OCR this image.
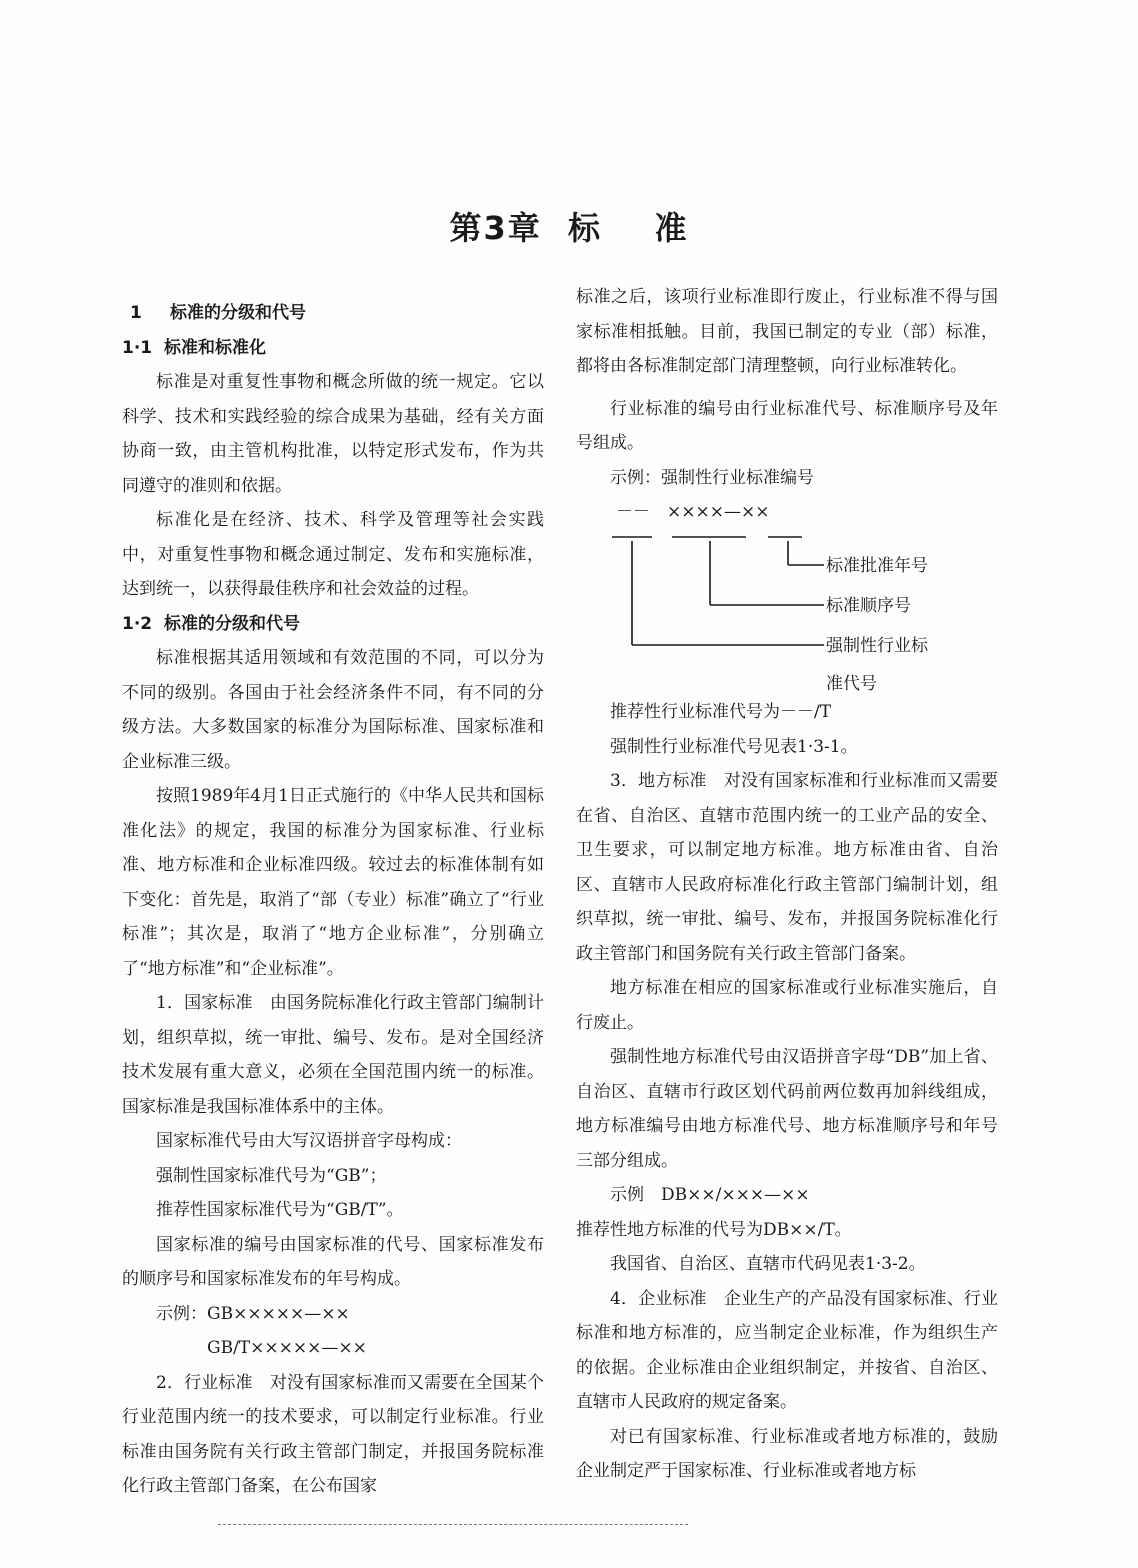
第3章  标    准
1 标准的分级和代号
1·1 标准和标准化

标准是对重复性事物和概念所做的统一规定。它以科学、技术和实践经验的综合成果为基础，经有关方面协商一致，由主管机构批准，以特定形式发布，作为共同遵守的准则和依据。

标准化是在经济、技术、科学及管理等社会实践中，对重复性事物和概念通过制定、发布和实施标准，达到统一，以获得最佳秩序和社会效益的过程。

1·2 标准的分级和代号

标准根据其适用领域和有效范围的不同，可以分为不同的级别。各国由于社会经济条件不同，有不同的分级方法。大多数国家的标准分为国际标准、国家标准和企业标准三级。

按照1989年4月1日正式施行的《中华人民共和国标准化法》的规定，我国的标准分为国家标准、行业标准、地方标准和企业标准四级。较过去的标准体制有如下变化：首先是，取消了“部（专业）标准”确立了“行业标准”；其次是，取消了“地方企业标准”，分别确立了“地方标准”和“企业标准”。

1．国家标准　由国务院标准化行政主管部门编制计划，组织草拟，统一审批、编号、发布。是对全国经济技术发展有重大意义，必须在全国范围内统一的标准。国家标准是我国标准体系中的主体。

国家标准代号由大写汉语拼音字母构成：

强制性国家标准代号为“GB”；

推荐性国家标准代号为“GB/T”。

国家标准的编号由国家标准的代号、国家标准发布的顺序号和国家标准发布的年号构成。

示例：GB×××××—××

　　　GB/T×××××—××

2．行业标准　对没有国家标准而又需要在全国某个行业范围内统一的技术要求，可以制定行业标准。行业标准由国务院有关行政主管部门制定，并报国务院标准化行政主管部门备案，在公布国家

标准之后，该项行业标准即行废止，行业标准不得与国家标准相抵触。目前，我国已制定的专业（部）标准，都将由各标准制定部门清理整顿，向行业标准转化。

行业标准的编号由行业标准代号、标准顺序号及年号组成。

示例：强制性行业标准编号

－－　××××—××
标准批准年号
标准顺序号
强制性行业标
准代号

推荐性行业标准代号为－－/T

强制性行业标准代号见表1·3-1。

3．地方标准　对没有国家标准和行业标准而又需要在省、自治区、直辖市范围内统一的工业产品的安全、卫生要求，可以制定地方标准。地方标准由省、自治区、直辖市人民政府标准化行政主管部门编制计划，组织草拟，统一审批、编号、发布，并报国务院标准化行政主管部门和国务院有关行政主管部门备案。

地方标准在相应的国家标准或行业标准实施后，自行废止。

强制性地方标准代号由汉语拼音字母“DB”加上省、自治区、直辖市行政区划代码前两位数再加斜线组成，地方标准编号由地方标准代号、地方标准顺序号和年号三部分组成。

示例　DB××/×××—××

推荐性地方标准的代号为DB××/T。

我国省、自治区、直辖市代码见表1·3-2。

4．企业标准　企业生产的产品没有国家标准、行业标准和地方标准的，应当制定企业标准，作为组织生产的依据。企业标准由企业组织制定，并按省、自治区、直辖市人民政府的规定备案。

对已有国家标准、行业标准或者地方标准的，鼓励企业制定严于国家标准、行业标准或者地方标
